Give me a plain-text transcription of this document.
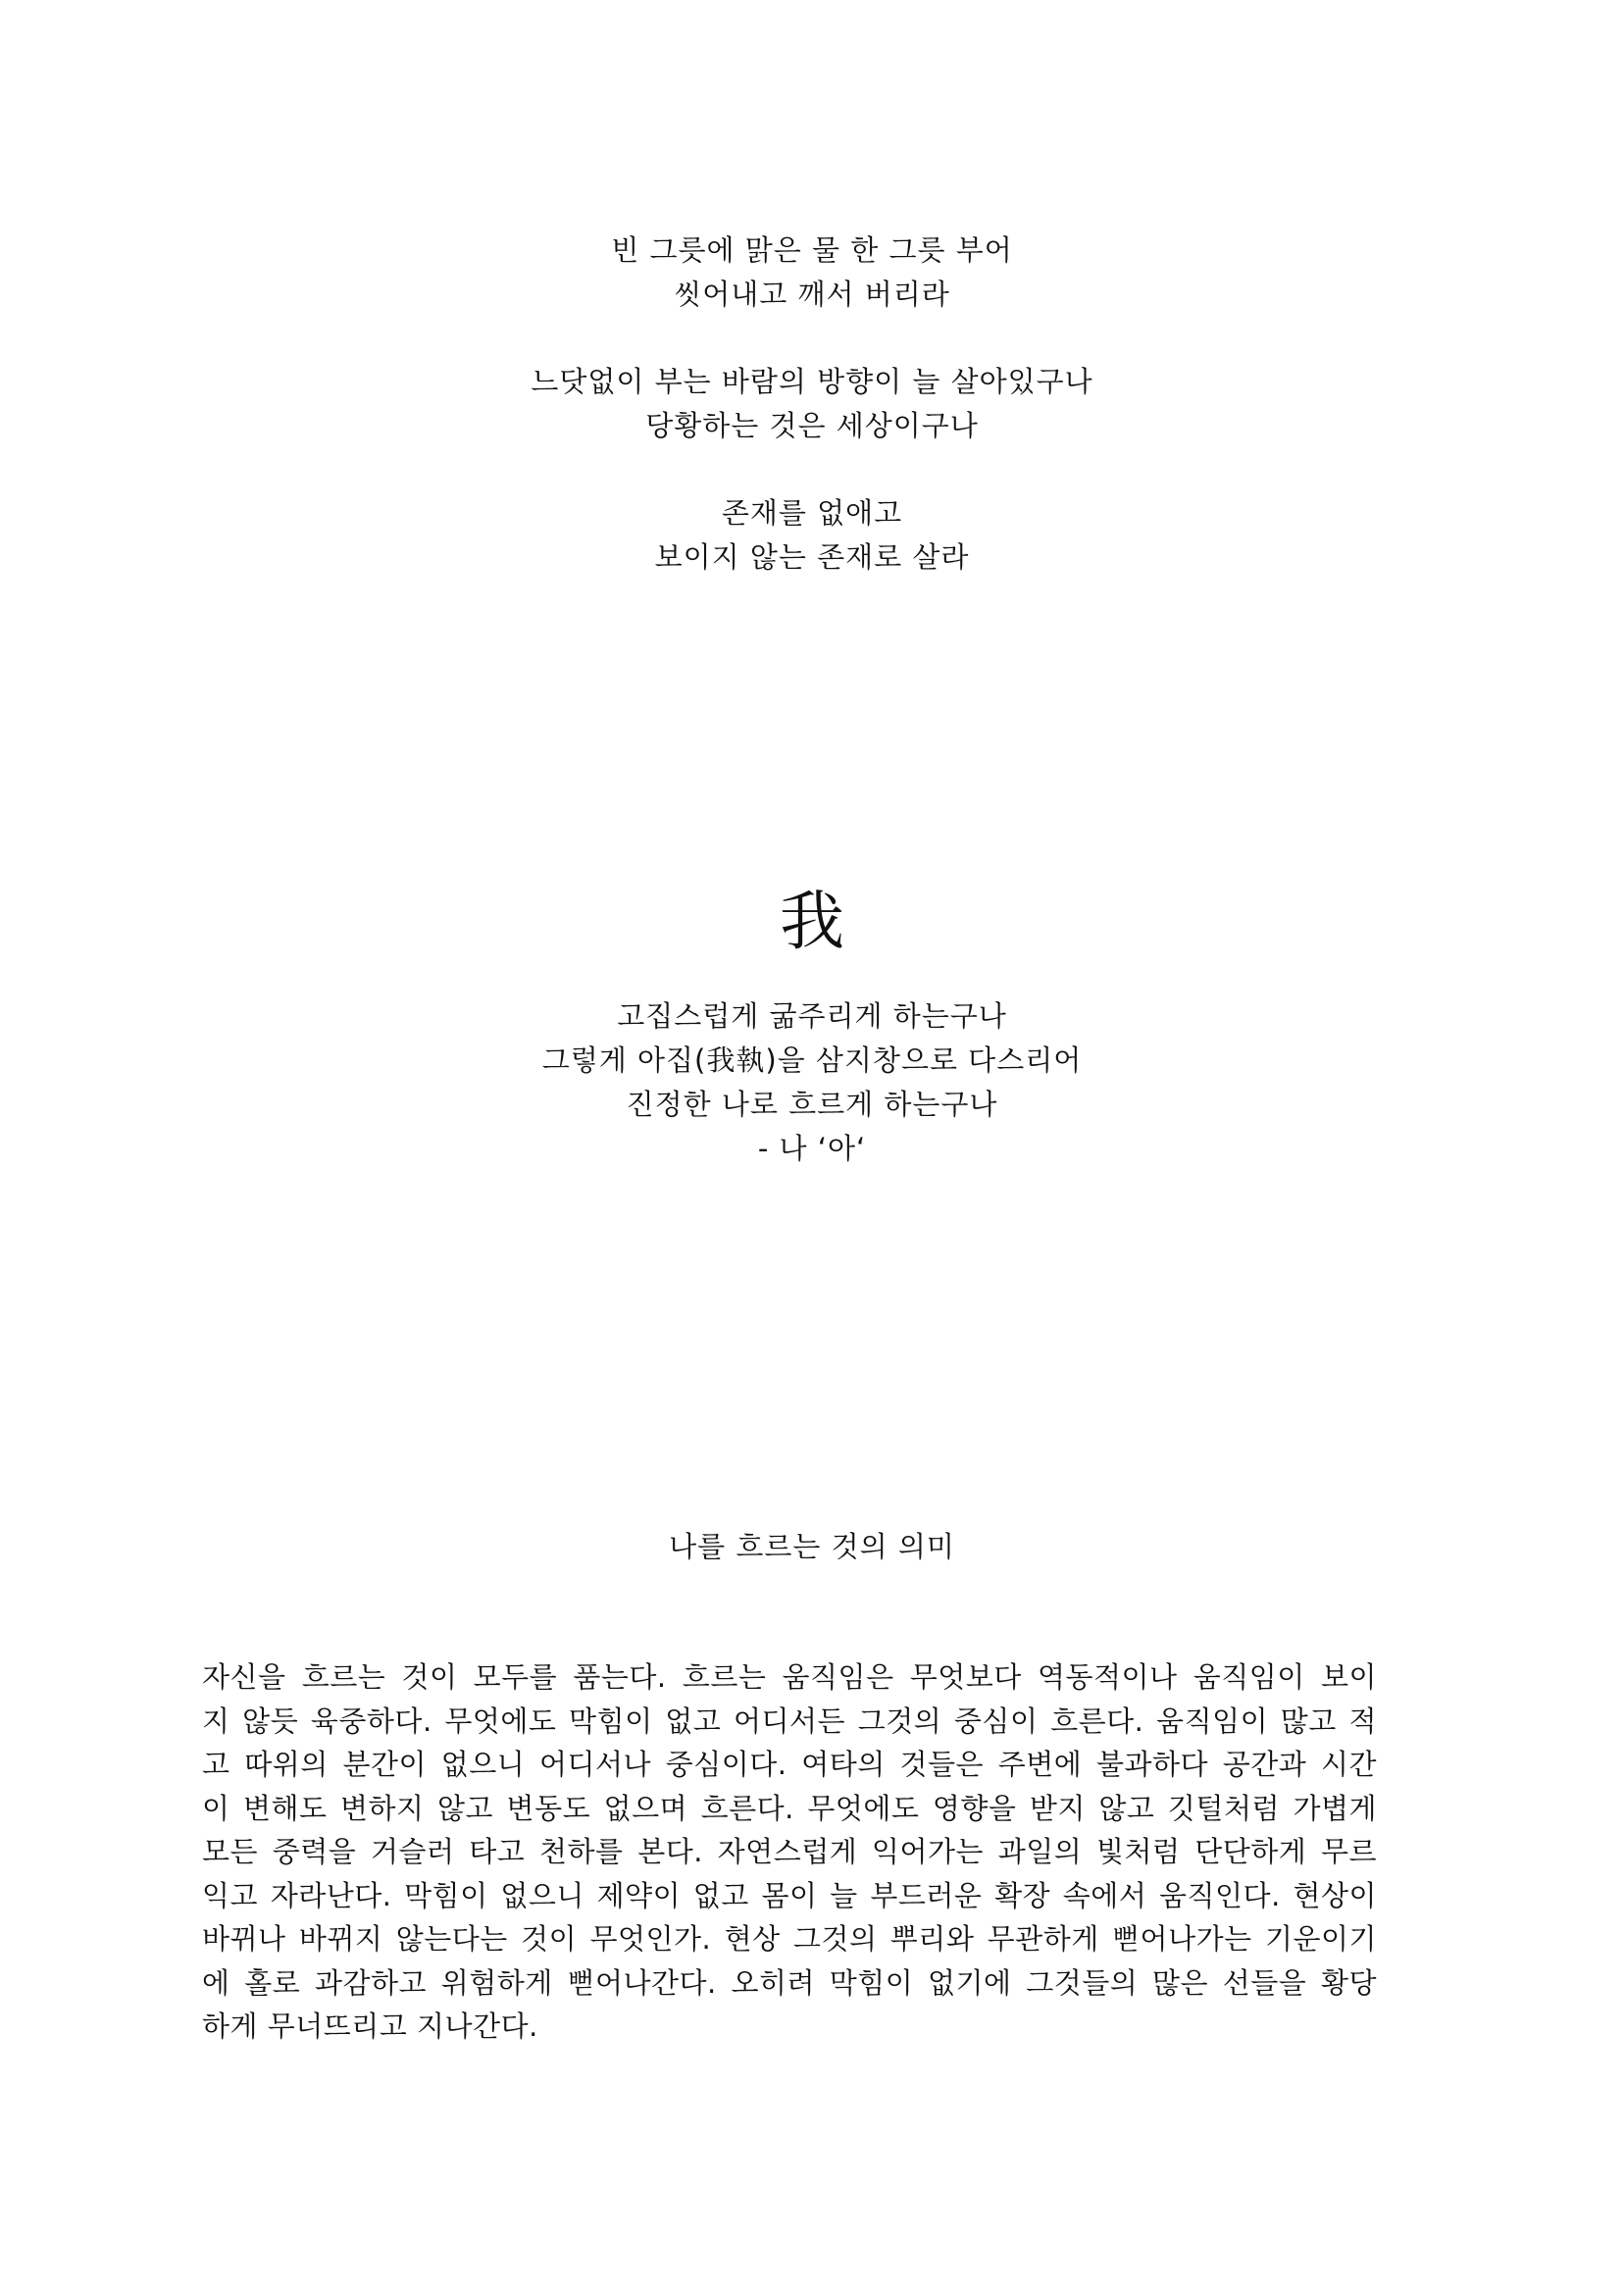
빈 그릇에 맑은 물 한 그릇 부어
씻어내고 깨서 버리라
느닷없이 부는 바람의 방향이 늘 살아있구나
당황하는 것은 세상이구나
존재를 없애고
보이지 않는 존재로 살라
我
고집스럽게 굶주리게 하는구나
그렇게 아집(我執)을 삼지창으로 다스리어
진정한 나로 흐르게 하는구나
- 나 ‘아‘
나를 흐르는 것의 의미
자신을 흐르는 것이 모두를 품는다. 흐르는 움직임은 무엇보다 역동적이나 움직임이 보이
지 않듯 육중하다. 무엇에도 막힘이 없고 어디서든 그것의 중심이 흐른다. 움직임이 많고 적
고 따위의 분간이 없으니 어디서나 중심이다. 여타의 것들은 주변에 불과하다 공간과 시간
이 변해도 변하지 않고 변동도 없으며 흐른다. 무엇에도 영향을 받지 않고 깃털처럼 가볍게
모든 중력을 거슬러 타고 천하를 본다. 자연스럽게 익어가는 과일의 빛처럼 단단하게 무르
익고 자라난다. 막힘이 없으니 제약이 없고 몸이 늘 부드러운 확장 속에서 움직인다. 현상이
바뀌나 바뀌지 않는다는 것이 무엇인가. 현상 그것의 뿌리와 무관하게 뻗어나가는 기운이기
에 홀로 과감하고 위험하게 뻗어나간다. 오히려 막힘이 없기에 그것들의 많은 선들을 황당
하게 무너뜨리고 지나간다.
